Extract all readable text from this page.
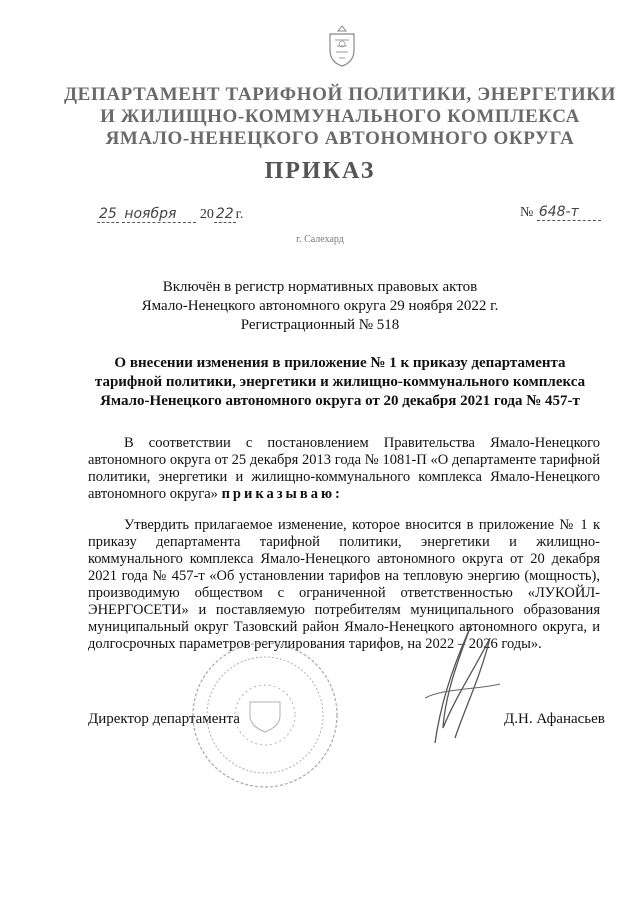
ДЕПАРТАМЕНТ ТАРИФНОЙ ПОЛИТИКИ, ЭНЕРГЕТИКИ
И ЖИЛИЩНО-КОММУНАЛЬНОГО КОМПЛЕКСА
ЯМАЛО-НЕНЕЦКОГО АВТОНОМНОГО ОКРУГА
ПРИКАЗ
25 ноября 20 22 г.	№ 648-т
г. Салехард
Включён в регистр нормативных правовых актов
Ямало-Ненецкого автономного округа 29 ноября 2022 г.
Регистрационный № 518
О внесении изменения в приложение № 1 к приказу департамента
тарифной политики, энергетики и жилищно-коммунального комплекса
Ямало-Ненецкого автономного округа от 20 декабря 2021 года № 457-т
В соответствии с постановлением Правительства Ямало-Ненецкого автономного округа от 25 декабря 2013 года № 1081-П «О департаменте тарифной политики, энергетики и жилищно-коммунального комплекса Ямало-Ненецкого автономного округа» приказываю:
Утвердить прилагаемое изменение, которое вносится в приложение № 1 к приказу департамента тарифной политики, энергетики и жилищно-коммунального комплекса Ямало-Ненецкого автономного округа от 20 декабря 2021 года № 457-т «Об установлении тарифов на тепловую энергию (мощность), производимую обществом с ограниченной ответственностью «ЛУКОЙЛ-ЭНЕРГОСЕТИ» и поставляемую потребителям муниципального образования муниципальный округ Тазовский район Ямало-Ненецкого автономного округа, и долгосрочных параметров регулирования тарифов, на 2022 – 2026 годы».
Директор департамента	Д.Н. Афанасьев
